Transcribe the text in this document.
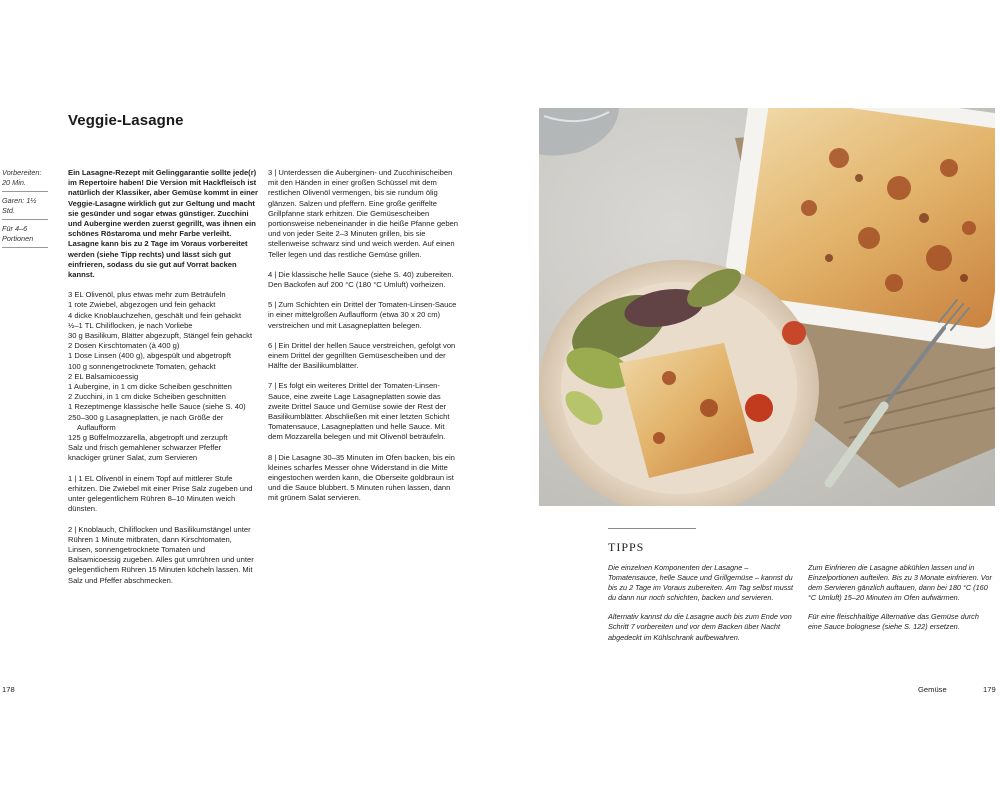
Veggie-Lasagne
Vorbereiten: 20 Min.
Garen: 1½ Std.
Für 4–6 Portionen

Ein Lasagne-Rezept mit Gelinggarantie sollte jede(r) im Repertoire haben! Die Version mit Hackfleisch ist natürlich der Klassiker, aber Gemüse kommt in einer Veggie-Lasagne wirklich gut zur Geltung und macht sie gesünder und sogar etwas günstiger. Zucchini und Auberginе werden zuerst gegrillt, was ihnen ein schönes Röstaroma und mehr Farbe verleiht. Lasagne kann bis zu 2 Tage im Voraus vorbereitet werden (siehe Tipp rechts) und lässt sich gut einfrieren, sodass du sie gut auf Vorrat backen kannst.

3 EL Olivenöl, plus etwas mehr zum Beträufeln
1 rote Zwiebel, abgezogen und fein gehackt
4 dicke Knoblauchzehen, geschält und fein gehackt
½–1 TL Chiliflocken, je nach Vorliebe
30 g Basilikum, Blätter abgezupft, Stängel fein gehackt
2 Dosen Kirschtomaten (à 400 g)
1 Dose Linsen (400 g), abgespült und abgetropft
100 g sonnengetrocknete Tomaten, gehackt
2 EL Balsamicoessig
1 Aubergine, in 1 cm dicke Scheiben geschnitten
2 Zucchini, in 1 cm dicke Scheiben geschnitten
1 Rezeptmenge klassische helle Sauce (siehe S. 40)
250–300 g Lasagneplatten, je nach Größe der
Auflaufform
125 g Büffelmozzarella, abgetropft und zerzupft
Salz und frisch gemahlener schwarzer Pfeffer
knackiger grüner Salat, zum Servieren

1 | 1 EL Olivenöl in einem Topf auf mittlerer Stufe erhitzen. Die Zwiebel mit einer Prise Salz zugeben und unter gelegentlichem Rühren 8–10 Minuten weich dünsten.

2 | Knoblauch, Chiliflocken und Basilikumstängel unter Rühren 1 Minute mitbraten, dann Kirschtomaten, Linsen, sonnengetrocknete Tomaten und Balsamicoessig zugeben. Alles gut umrühren und unter gelegentlichem Rühren 15 Minuten köcheln lassen. Mit Salz und Pfeffer abschmecken.

3 | Unterdessen die Auberginen- und Zucchinischeiben mit den Händen in einer großen Schüssel mit dem restlichen Olivenöl vermengen, bis sie rundum ölig glänzen. Salzen und pfeffern. Eine große geriffelte Grillpfanne stark erhitzen. Die Gemüsescheiben portionsweise nebeneinander in die heiße Pfanne geben und von jeder Seite 2–3 Minuten grillen, bis sie stellenweise schwarz sind und weich werden. Auf einen Teller legen und das restliche Gemüse grillen.

4 | Die klassische helle Sauce (siehe S. 40) zubereiten. Den Backofen auf 200 °C (180 °C Umluft) vorheizen.

5 | Zum Schichten ein Drittel der Tomaten-Linsen-Sauce in einer mittelgroßen Auflaufform (etwa 30 x 20 cm) verstreichen und mit Lasagneplatten belegen.

6 | Ein Drittel der hellen Sauce verstreichen, gefolgt von einem Drittel der gegrillten Gemüsescheiben und der Hälfte der Basilikumblätter.

7 | Es folgt ein weiteres Drittel der Tomaten-Linsen-Sauce, eine zweite Lage Lasagneplatten sowie das zweite Drittel Sauce und Gemüse sowie der Rest der Basilikumblätter. Abschließen mit einer letzten Schicht Tomatensauce, Lasagneplatten und helle Sauce. Mit dem Mozzarella belegen und mit Olivenöl beträufeln.

8 | Die Lasagne 30–35 Minuten im Ofen backen, bis ein kleines scharfes Messer ohne Widerstand in die Mitte eingestochen werden kann, die Oberseite goldbraun ist und die Sauce blubbert. 5 Minuten ruhen lassen, dann mit grünem Salat servieren.

178
TIPPS

Die einzelnen Komponenten der Lasagne – Tomatensauce, helle Sauce und Grillgemüse – kannst du bis zu 2 Tage im Voraus zubereiten. Am Tag selbst musst du dann nur noch schichten, backen und servieren.

Alternativ kannst du die Lasagne auch bis zum Ende von Schritt 7 vorbereiten und vor dem Backen über Nacht abgedeckt im Kühlschrank aufbewahren.

Zum Einfrieren die Lasagne abkühlen lassen und in Einzelportionen aufteilen. Bis zu 3 Monate einfrieren. Vor dem Servieren gänzlich auftauen, dann bei 180 °C (160 °C Umluft) 15–20 Minuten im Ofen aufwärmen.

Für eine fleischhaltige Alternative das Gemüse durch eine Sauce bolognese (siehe S. 122) ersetzen.

Gemüse	179
